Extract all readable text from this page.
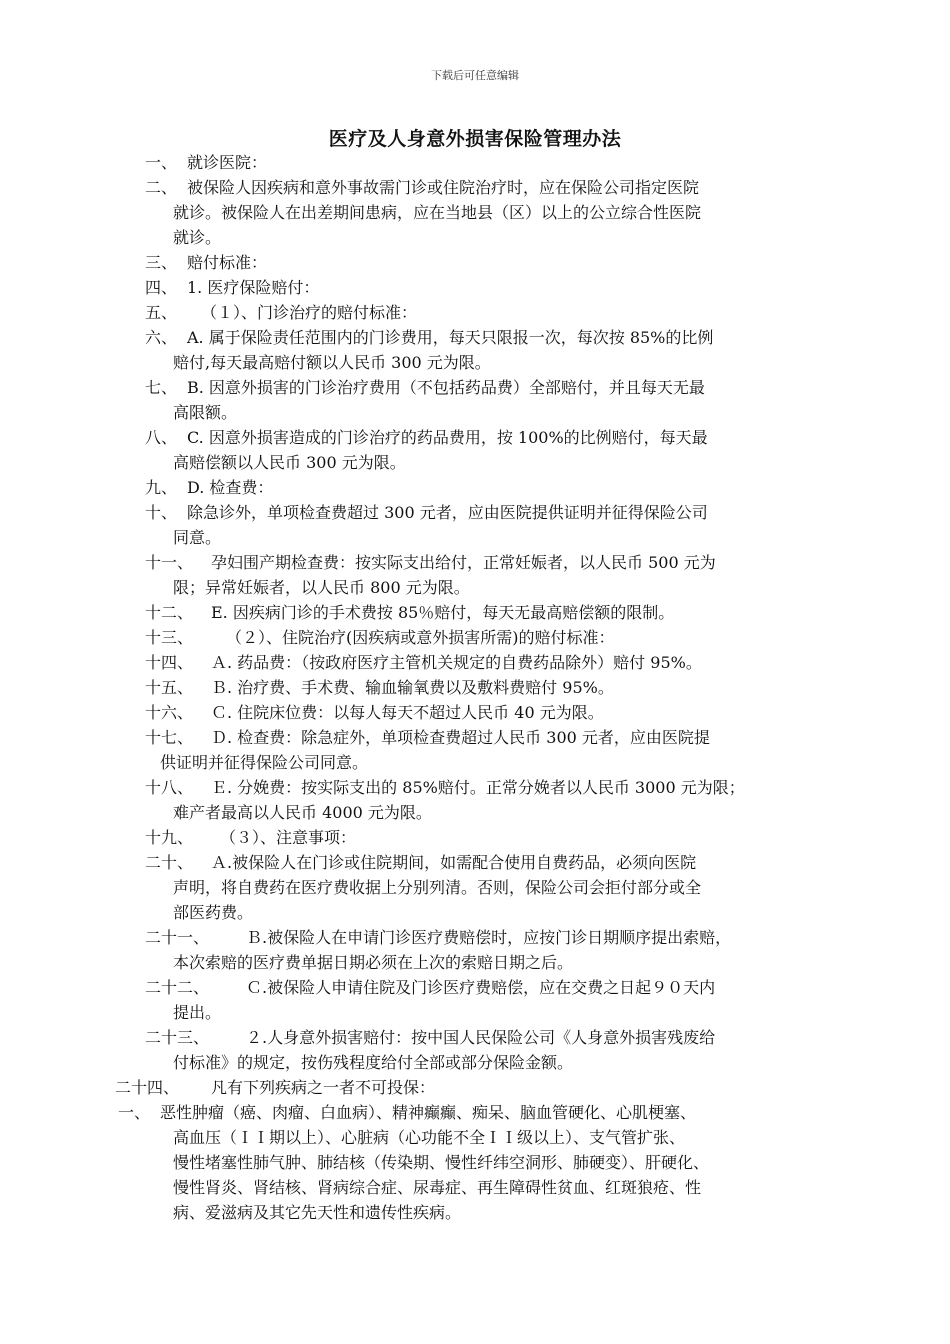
下载后可任意编辑
医疗及人身意外损害保险管理办法
一、 就诊医院：
二、 被保险人因疾病和意外事故需门诊或住院治疗时，应在保险公司指定医院
就诊。被保险人在出差期间患病，应在当地县（区）以上的公立综合性医院
就诊。
三、 赔付标准：
四、 1. 医疗保险赔付：
五、 （１）、门诊治疗的赔付标准：
六、 A. 属于保险责任范围内的门诊费用，每天只限报一次，每次按 85%的比例
赔付,每天最高赔付额以人民币 300 元为限。
七、 B. 因意外损害的门诊治疗费用（不包括药品费）全部赔付，并且每天无最
高限额。
八、 C. 因意外损害造成的门诊治疗的药品费用，按 100%的比例赔付，每天最
高赔偿额以人民币 300 元为限。
九、 D. 检查费：
十、 除急诊外，单项检查费超过 300 元者，应由医院提供证明并征得保险公司
同意。
十一、 孕妇围产期检查费：按实际支出给付，正常妊娠者，以人民币 500 元为
限；异常妊娠者，以人民币 800 元为限。
十二、 E. 因疾病门诊的手术费按 85％赔付，每天无最高赔偿额的限制。
十三、 （２）、住院治疗(因疾病或意外损害所需)的赔付标准：
十四、 Ａ. 药品费：（按政府医疗主管机关规定的自费药品除外）赔付 95%。
十五、 Ｂ. 治疗费、手术费、输血输氧费以及敷料费赔付 95%。
十六、 Ｃ. 住院床位费：以每人每天不超过人民币 40 元为限。
十七、 Ｄ. 检查费：除急症外，单项检查费超过人民币 300 元者，应由医院提
供证明并征得保险公司同意。
十八、 Ｅ. 分娩费：按实际支出的 85%赔付。正常分娩者以人民币 3000 元为限；
难产者最高以人民币 4000 元为限。
十九、 （３）、注意事项：
二十、 Ａ.被保险人在门诊或住院期间，如需配合使用自费药品，必须向医院
声明，将自费药在医疗费收据上分别列清。否则，保险公司会拒付部分或全
部医药费。
二十一、 Ｂ.被保险人在申请门诊医疗费赔偿时，应按门诊日期顺序提出索赔，
本次索赔的医疗费单据日期必须在上次的索赔日期之后。
二十二、 Ｃ.被保险人申请住院及门诊医疗费赔偿，应在交费之日起９０天内
提出。
二十三、 ２.人身意外损害赔付：按中国人民保险公司《人身意外损害残废给
付标准》的规定，按伤残程度给付全部或部分保险金额。
二十四、 凡有下列疾病之一者不可投保：
一、 恶性肿瘤（癌、肉瘤、白血病）、精神癫癫、痴呆、脑血管硬化、心肌梗塞、
高血压（ＩＩ期以上）、心脏病（心功能不全ＩＩ级以上）、支气管扩张、
慢性堵塞性肺气肿、肺结核（传染期、慢性纤纬空洞形、肺硬变）、肝硬化、
慢性肾炎、肾结核、肾病综合症、尿毒症、再生障碍性贫血、红斑狼疮、性
病、爱滋病及其它先天性和遗传性疾病。
